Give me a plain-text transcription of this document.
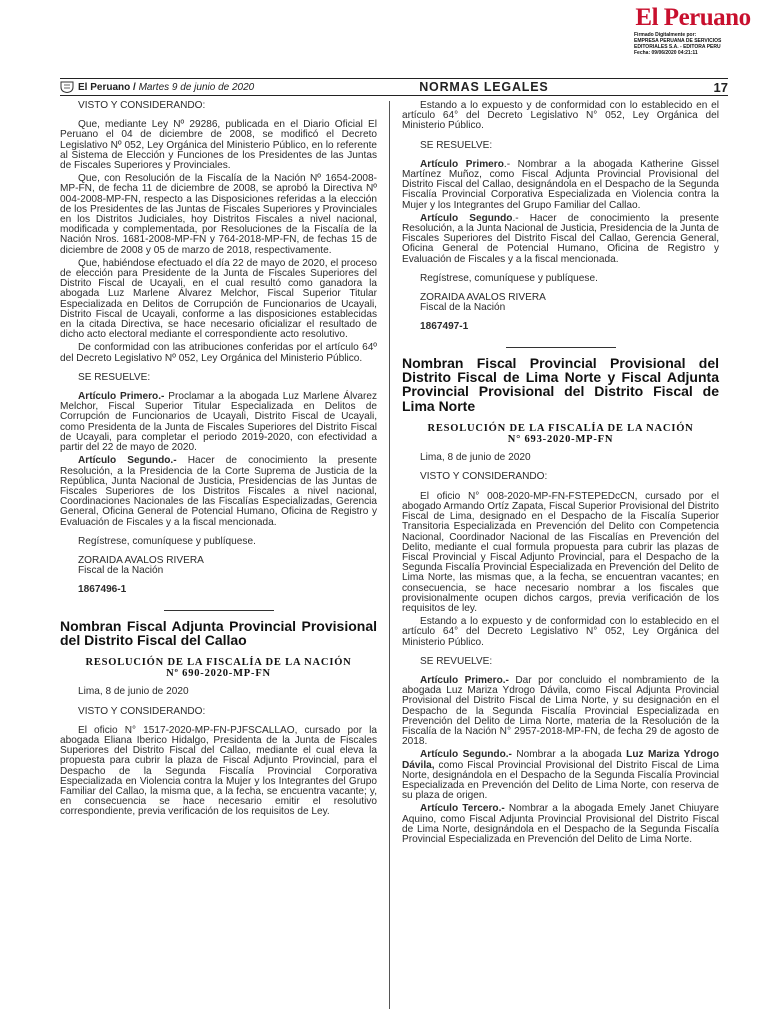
El Peruano
Firmado Digitalmente por:
EMPRESA PERUANA DE SERVICIOS
EDITORIALES S.A. - EDITORA PERU
Fecha: 09/06/2020 04:21:11
El Peruano /
Martes 9 de junio de 2020	NORMAS LEGALES	17

VISTO Y CONSIDERANDO:

Que, mediante Ley Nº 29286, publicada en el Diario Oficial El Peruano el 04 de diciembre de 2008, se modificó el Decreto Legislativo Nº 052, Ley Orgánica del Ministerio Público, en lo referente al Sistema de Elección y Funciones de los Presidentes de las Juntas de Fiscales Superiores y Provinciales.

Que, con Resolución de la Fiscalía de la Nación Nº 1654-2008-MP-FN, de fecha 11 de diciembre de 2008, se aprobó la Directiva Nº 004-2008-MP-FN, respecto a las Disposiciones referidas a la elección de los Presidentes de las Juntas de Fiscales Superiores y Provinciales en los Distritos Judiciales, hoy Distritos Fiscales a nivel nacional, modificada y complementada, por Resoluciones de la Fiscalía de la Nación Nros. 1681-2008-MP-FN y 764-2018-MP-FN, de fechas 15 de diciembre de 2008 y 05 de marzo de 2018, respectivamente.

Que, habiéndose efectuado el día 22 de mayo de 2020, el proceso de elección para Presidente de la Junta de Fiscales Superiores del Distrito Fiscal de Ucayali, en el cual resultó como ganadora la abogada Luz Marlene Álvarez Melchor, Fiscal Superior Titular Especializada en Delitos de Corrupción de Funcionarios de Ucayali, Distrito Fiscal de Ucayali, conforme a las disposiciones establecidas en la citada Directiva, se hace necesario oficializar el resultado de dicho acto electoral mediante el correspondiente acto resolutivo.

De conformidad con las atribuciones conferidas por el artículo 64º del Decreto Legislativo Nº 052, Ley Orgánica del Ministerio Público.

SE RESUELVE:

Artículo Primero.- Proclamar a la abogada Luz Marlene Álvarez Melchor, Fiscal Superior Titular Especializada en Delitos de Corrupción de Funcionarios de Ucayali, Distrito Fiscal de Ucayali, como Presidenta de la Junta de Fiscales Superiores del Distrito Fiscal de Ucayali, para completar el periodo 2019-2020, con efectividad a partir del 22 de mayo de 2020.

Artículo Segundo.- Hacer de conocimiento la presente Resolución, a la Presidencia de la Corte Suprema de Justicia de la República, Junta Nacional de Justicia, Presidencias de las Juntas de Fiscales Superiores de los Distritos Fiscales a nivel nacional, Coordinaciones Nacionales de las Fiscalías Especializadas, Gerencia General, Oficina General de Potencial Humano, Oficina de Registro y Evaluación de Fiscales y a la fiscal mencionada.

Regístrese, comuníquese y publíquese.

ZORAIDA AVALOS RIVERA

Fiscal de la Nación

1867496-1
Nombran Fiscal Adjunta Provincial Provisional del Distrito Fiscal del Callao
RESOLUCIÓN DE LA FISCALÍA DE LA NACIÓN
Nº 690-2020-MP-FN

Lima, 8 de junio de 2020

VISTO Y CONSIDERANDO:

El oficio N° 1517-2020-MP-FN-PJFSCALLAO, cursado por la abogada Eliana Iberico Hidalgo, Presidenta de la Junta de Fiscales Superiores del Distrito Fiscal del Callao, mediante el cual eleva la propuesta para cubrir la plaza de Fiscal Adjunto Provincial, para el Despacho de la Segunda Fiscalía Provincial Corporativa Especializada en Violencia contra la Mujer y los Integrantes del Grupo Familiar del Callao, la misma que, a la fecha, se encuentra vacante; y, en consecuencia se hace necesario emitir el resolutivo correspondiente, previa verificación de los requisitos de Ley.

Estando a lo expuesto y de conformidad con lo establecido en el artículo 64° del Decreto Legislativo N° 052, Ley Orgánica del Ministerio Público.

SE RESUELVE:

Artículo Primero.- Nombrar a la abogada Katherine Gissel Martínez Muñoz, como Fiscal Adjunta Provincial Provisional del Distrito Fiscal del Callao, designándola en el Despacho de la Segunda Fiscalía Provincial Corporativa Especializada en Violencia contra la Mujer y los Integrantes del Grupo Familiar del Callao.

Artículo Segundo.- Hacer de conocimiento la presente Resolución, a la Junta Nacional de Justicia, Presidencia de la Junta de Fiscales Superiores del Distrito Fiscal del Callao, Gerencia General, Oficina General de Potencial Humano, Oficina de Registro y Evaluación de Fiscales y a la fiscal mencionada.

Regístrese, comuníquese y publíquese.

ZORAIDA AVALOS RIVERA

Fiscal de la Nación

1867497-1
Nombran Fiscal Provincial Provisional del Distrito Fiscal de Lima Norte y Fiscal Adjunta Provincial Provisional del Distrito Fiscal de Lima Norte
RESOLUCIÓN DE LA FISCALÍA DE LA NACIÓN
N° 693-2020-MP-FN

Lima, 8 de junio de 2020

VISTO Y CONSIDERANDO:

El oficio N° 008-2020-MP-FN-FSTEPEDcCN, cursado por el abogado Armando Ortíz Zapata, Fiscal Superior Provisional del Distrito Fiscal de Lima, designado en el Despacho de la Fiscalía Superior Transitoria Especializada en Prevención del Delito con Competencia Nacional, Coordinador Nacional de las Fiscalías en Prevención del Delito, mediante el cual formula propuesta para cubrir las plazas de Fiscal Provincial y Fiscal Adjunto Provincial, para el Despacho de la Segunda Fiscalía Provincial Especializada en Prevención del Delito de Lima Norte, las mismas que, a la fecha, se encuentran vacantes; en consecuencia, se hace necesario nombrar a los fiscales que provisionalmente ocupen dichos cargos, previa verificación de los requisitos de ley.

Estando a lo expuesto y de conformidad con lo establecido en el artículo 64° del Decreto Legislativo N° 052, Ley Orgánica del Ministerio Público.

SE REVUELVE:

Artículo Primero.- Dar por concluido el nombramiento de la abogada Luz Mariza Ydrogo Dávila, como Fiscal Adjunta Provincial Provisional del Distrito Fiscal de Lima Norte, y su designación en el Despacho de la Segunda Fiscalía Provincial Especializada en Prevención del Delito de Lima Norte, materia de la Resolución de la Fiscalía de la Nación N° 2957-2018-MP-FN, de fecha 29 de agosto de 2018.

Artículo Segundo.- Nombrar a la abogada Luz Mariza Ydrogo Dávila, como Fiscal Provincial Provisional del Distrito Fiscal de Lima Norte, designándola en el Despacho de la Segunda Fiscalía Provincial Especializada en Prevención del Delito de Lima Norte, con reserva de su plaza de origen.

Artículo Tercero.- Nombrar a la abogada Emely Janet Chiuyare Aquino, como Fiscal Adjunta Provincial Provisional del Distrito Fiscal de Lima Norte, designándola en el Despacho de la Segunda Fiscalía Provincial Especializada en Prevención del Delito de Lima Norte.
